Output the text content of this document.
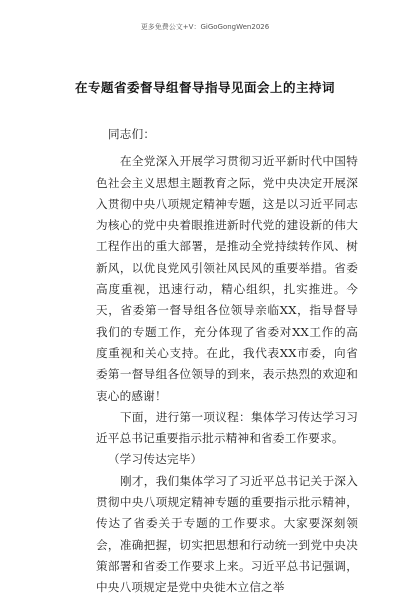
更多免费公文+V：GiGoGongWen2026
在专题省委督导组督导指导见面会上的主持词

同志们：

在全党深入开展学习贯彻习近平新时代中国特色社会主义思想主题教育之际，党中央决定开展深入贯彻中央八项规定精神专题，这是以习近平同志为核心的党中央着眼推进新时代党的建设新的伟大工程作出的重大部署，是推动全党持续转作风、树新风，以优良党风引领社风民风的重要举措。省委高度重视，迅速行动，精心组织，扎实推进。今天，省委第一督导组各位领导亲临XX，指导督导我们的专题工作，充分体现了省委对XX工作的高度重视和关心支持。在此，我代表XX市委，向省委第一督导组各位领导的到来，表示热烈的欢迎和衷心的感谢！

下面，进行第一项议程：集体学习传达学习习近平总书记重要指示批示精神和省委工作要求。

（学习传达完毕）

刚才，我们集体学习了习近平总书记关于深入贯彻中央八项规定精神专题的重要指示批示精神，传达了省委关于专题的工作要求。大家要深刻领会，准确把握，切实把思想和行动统一到党中央决策部署和省委工作要求上来。习近平总书记强调，中央八项规定是党中央徙木立信之举
